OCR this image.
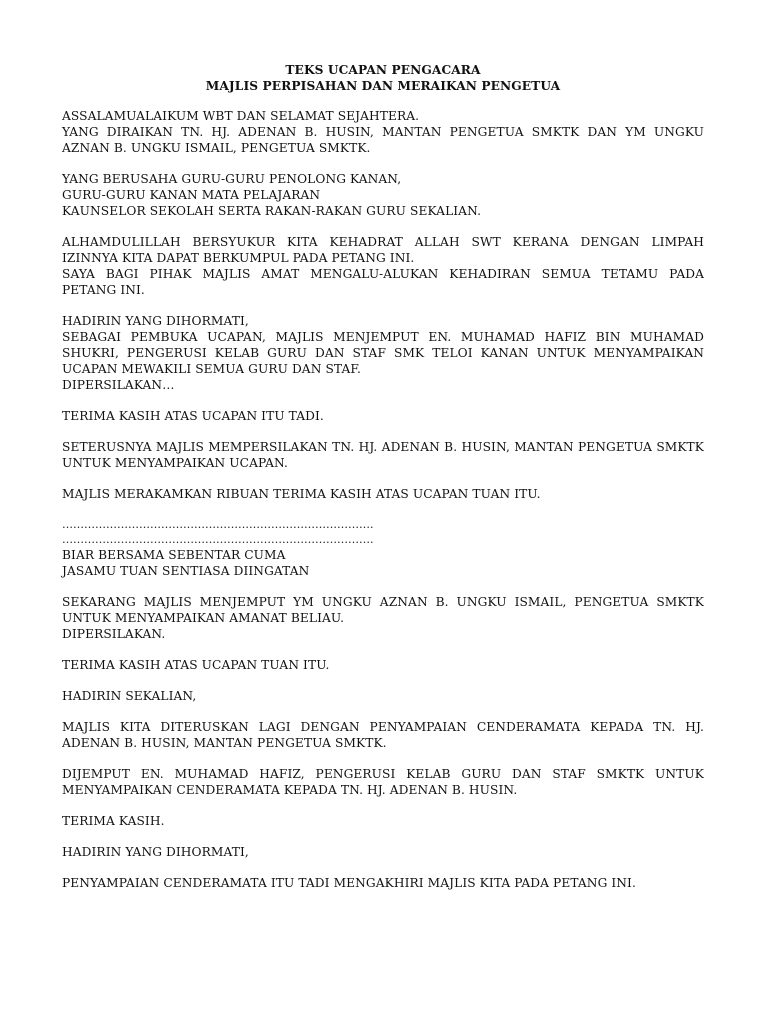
TEKS UCAPAN PENGACARA
MAJLIS PERPISAHAN DAN MERAIKAN PENGETUA
ASSALAMUALAIKUM WBT DAN SELAMAT SEJAHTERA.
YANG DIRAIKAN TN. HJ. ADENAN B. HUSIN, MANTAN PENGETUA SMKTK DAN YM UNGKU
AZNAN B. UNGKU ISMAIL, PENGETUA SMKTK.
YANG BERUSAHA GURU-GURU PENOLONG KANAN,
GURU-GURU KANAN MATA PELAJARAN
KAUNSELOR SEKOLAH SERTA RAKAN-RAKAN GURU SEKALIAN.
ALHAMDULILLAH BERSYUKUR KITA KEHADRAT ALLAH SWT KERANA DENGAN LIMPAH
IZINNYA KITA DAPAT BERKUMPUL PADA PETANG INI.
SAYA BAGI PIHAK MAJLIS AMAT MENGALU-ALUKAN KEHADIRAN SEMUA TETAMU PADA
PETANG INI.
HADIRIN YANG DIHORMATI,
SEBAGAI PEMBUKA UCAPAN, MAJLIS MENJEMPUT EN. MUHAMAD HAFIZ BIN MUHAMAD
SHUKRI, PENGERUSI KELAB GURU DAN STAF SMK TELOI KANAN UNTUK MENYAMPAIKAN
UCAPAN MEWAKILI SEMUA GURU DAN STAF.
DIPERSILAKAN…
TERIMA KASIH ATAS UCAPAN ITU TADI.
SETERUSNYA MAJLIS MEMPERSILAKAN TN. HJ. ADENAN B. HUSIN, MANTAN PENGETUA SMKTK
UNTUK MENYAMPAIKAN UCAPAN.
MAJLIS MERAKAMKAN RIBUAN TERIMA KASIH ATAS UCAPAN TUAN ITU.
………………………………………………………………………….
………………………………………………………………………….
BIAR BERSAMA SEBENTAR CUMA
JASAMU TUAN SENTIASA DIINGATAN
SEKARANG MAJLIS MENJEMPUT YM UNGKU AZNAN B. UNGKU ISMAIL, PENGETUA SMKTK
UNTUK MENYAMPAIKAN AMANAT BELIAU.
DIPERSILAKAN.
TERIMA KASIH ATAS UCAPAN TUAN ITU.
HADIRIN SEKALIAN,
MAJLIS KITA DITERUSKAN LAGI DENGAN PENYAMPAIAN CENDERAMATA KEPADA TN. HJ.
ADENAN B. HUSIN, MANTAN PENGETUA SMKTK.
DIJEMPUT EN. MUHAMAD HAFIZ, PENGERUSI KELAB GURU DAN STAF SMKTK UNTUK
MENYAMPAIKAN CENDERAMATA KEPADA TN. HJ. ADENAN B. HUSIN.
TERIMA KASIH.
HADIRIN YANG DIHORMATI,
PENYAMPAIAN CENDERAMATA ITU TADI MENGAKHIRI MAJLIS KITA PADA PETANG INI.
